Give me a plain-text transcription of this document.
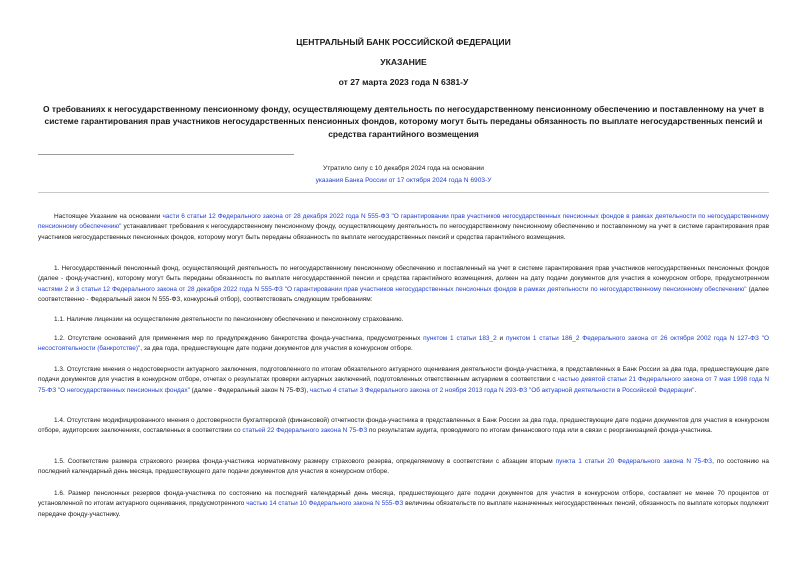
ЦЕНТРАЛЬНЫЙ БАНК РОССИЙСКОЙ ФЕДЕРАЦИИ
УКАЗАНИЕ
от 27 марта 2023 года N 6381-У
О требованиях к негосударственному пенсионному фонду, осуществляющему деятельность по негосударственному пенсионному обеспечению и поставленному на учет в системе гарантирования прав участников негосударственных пенсионных фондов, которому могут быть переданы обязанность по выплате негосударственных пенсий и средства гарантийного возмещения
Утратило силу с 10 декабря 2024 года на основании
указания Банка России от 17 октября 2024 года N 6903-У

Настоящее Указание на основании части 6 статьи 12 Федерального закона от 28 декабря 2022 года N 555-ФЗ "О гарантировании прав участников негосударственных пенсионных фондов в рамках деятельности по негосударственному пенсионному обеспечению" устанавливает требования к негосударственному пенсионному фонду, осуществляющему деятельность по негосударственному пенсионному обеспечению и поставленному на учет в системе гарантирования прав участников негосударственных пенсионных фондов, которому могут быть переданы обязанность по выплате негосударственных пенсий и средства гарантийного возмещения.

1. Негосударственный пенсионный фонд, осуществляющий деятельность по негосударственному пенсионному обеспечению и поставленный на учет в системе гарантирования прав участников негосударственных пенсионных фондов (далее - фонд-участник), которому могут быть переданы обязанность по выплате негосударственной пенсии и средства гарантийного возмещения, должен на дату подачи документов для участия в конкурсном отборе, предусмотренном частями 2 и 3 статьи 12 Федерального закона от 28 декабря 2022 года N 555-ФЗ "О гарантировании прав участников негосударственных пенсионных фондов в рамках деятельности по негосударственному пенсионному обеспечению" (далее соответственно - Федеральный закон N 555-ФЗ, конкурсный отбор), соответствовать следующим требованиям:

1.1. Наличие лицензии на осуществление деятельности по пенсионному обеспечению и пенсионному страхованию.

1.2. Отсутствие оснований для применения мер по предупреждению банкротства фонда-участника, предусмотренных пунктом 1 статьи 183_2 и пунктом 1 статьи 186_2 Федерального закона от 26 октября 2002 года N 127-ФЗ "О несостоятельности (банкротстве)", за два года, предшествующие дате подачи документов для участия в конкурсном отборе.

1.3. Отсутствие мнения о недостоверности актуарного заключения, подготовленного по итогам обязательного актуарного оценивания деятельности фонда-участника, в представленных в Банк России за два года, предшествующие дате подачи документов для участия в конкурсном отборе, отчетах о результатах проверки актуарных заключений, подготовленных ответственным актуарием в соответствии с частью девятой статьи 21 Федерального закона от 7 мая 1998 года N 75-ФЗ "О негосударственных пенсионных фондах" (далее - Федеральный закон N 75-ФЗ), частью 4 статьи 3 Федерального закона от 2 ноября 2013 года N 293-ФЗ "Об актуарной деятельности в Российской Федерации".

1.4. Отсутствие модифицированного мнения о достоверности бухгалтерской (финансовой) отчетности фонда-участника в представленных в Банк России за два года, предшествующие дате подачи документов для участия в конкурсном отборе, аудиторских заключениях, составленных в соответствии со статьей 22 Федерального закона N 75-ФЗ по результатам аудита, проводимого по итогам финансового года или в связи с реорганизацией фонда-участника.

1.5. Соответствие размера страхового резерва фонда-участника нормативному размеру страхового резерва, определяемому в соответствии с абзацем вторым пункта 1 статьи 20 Федерального закона N 75-ФЗ, по состоянию на последний календарный день месяца, предшествующего дате подачи документов для участия в конкурсном отборе.

1.6. Размер пенсионных резервов фонда-участника по состоянию на последний календарный день месяца, предшествующего дате подачи документов для участия в конкурсном отборе, составляет не менее 70 процентов от установленной по итогам актуарного оценивания, предусмотренного частью 14 статьи 10 Федерального закона N 555-ФЗ величины обязательств по выплате назначенных негосударственных пенсий, обязанность по выплате которых подлежит передаче фонду-участнику.
